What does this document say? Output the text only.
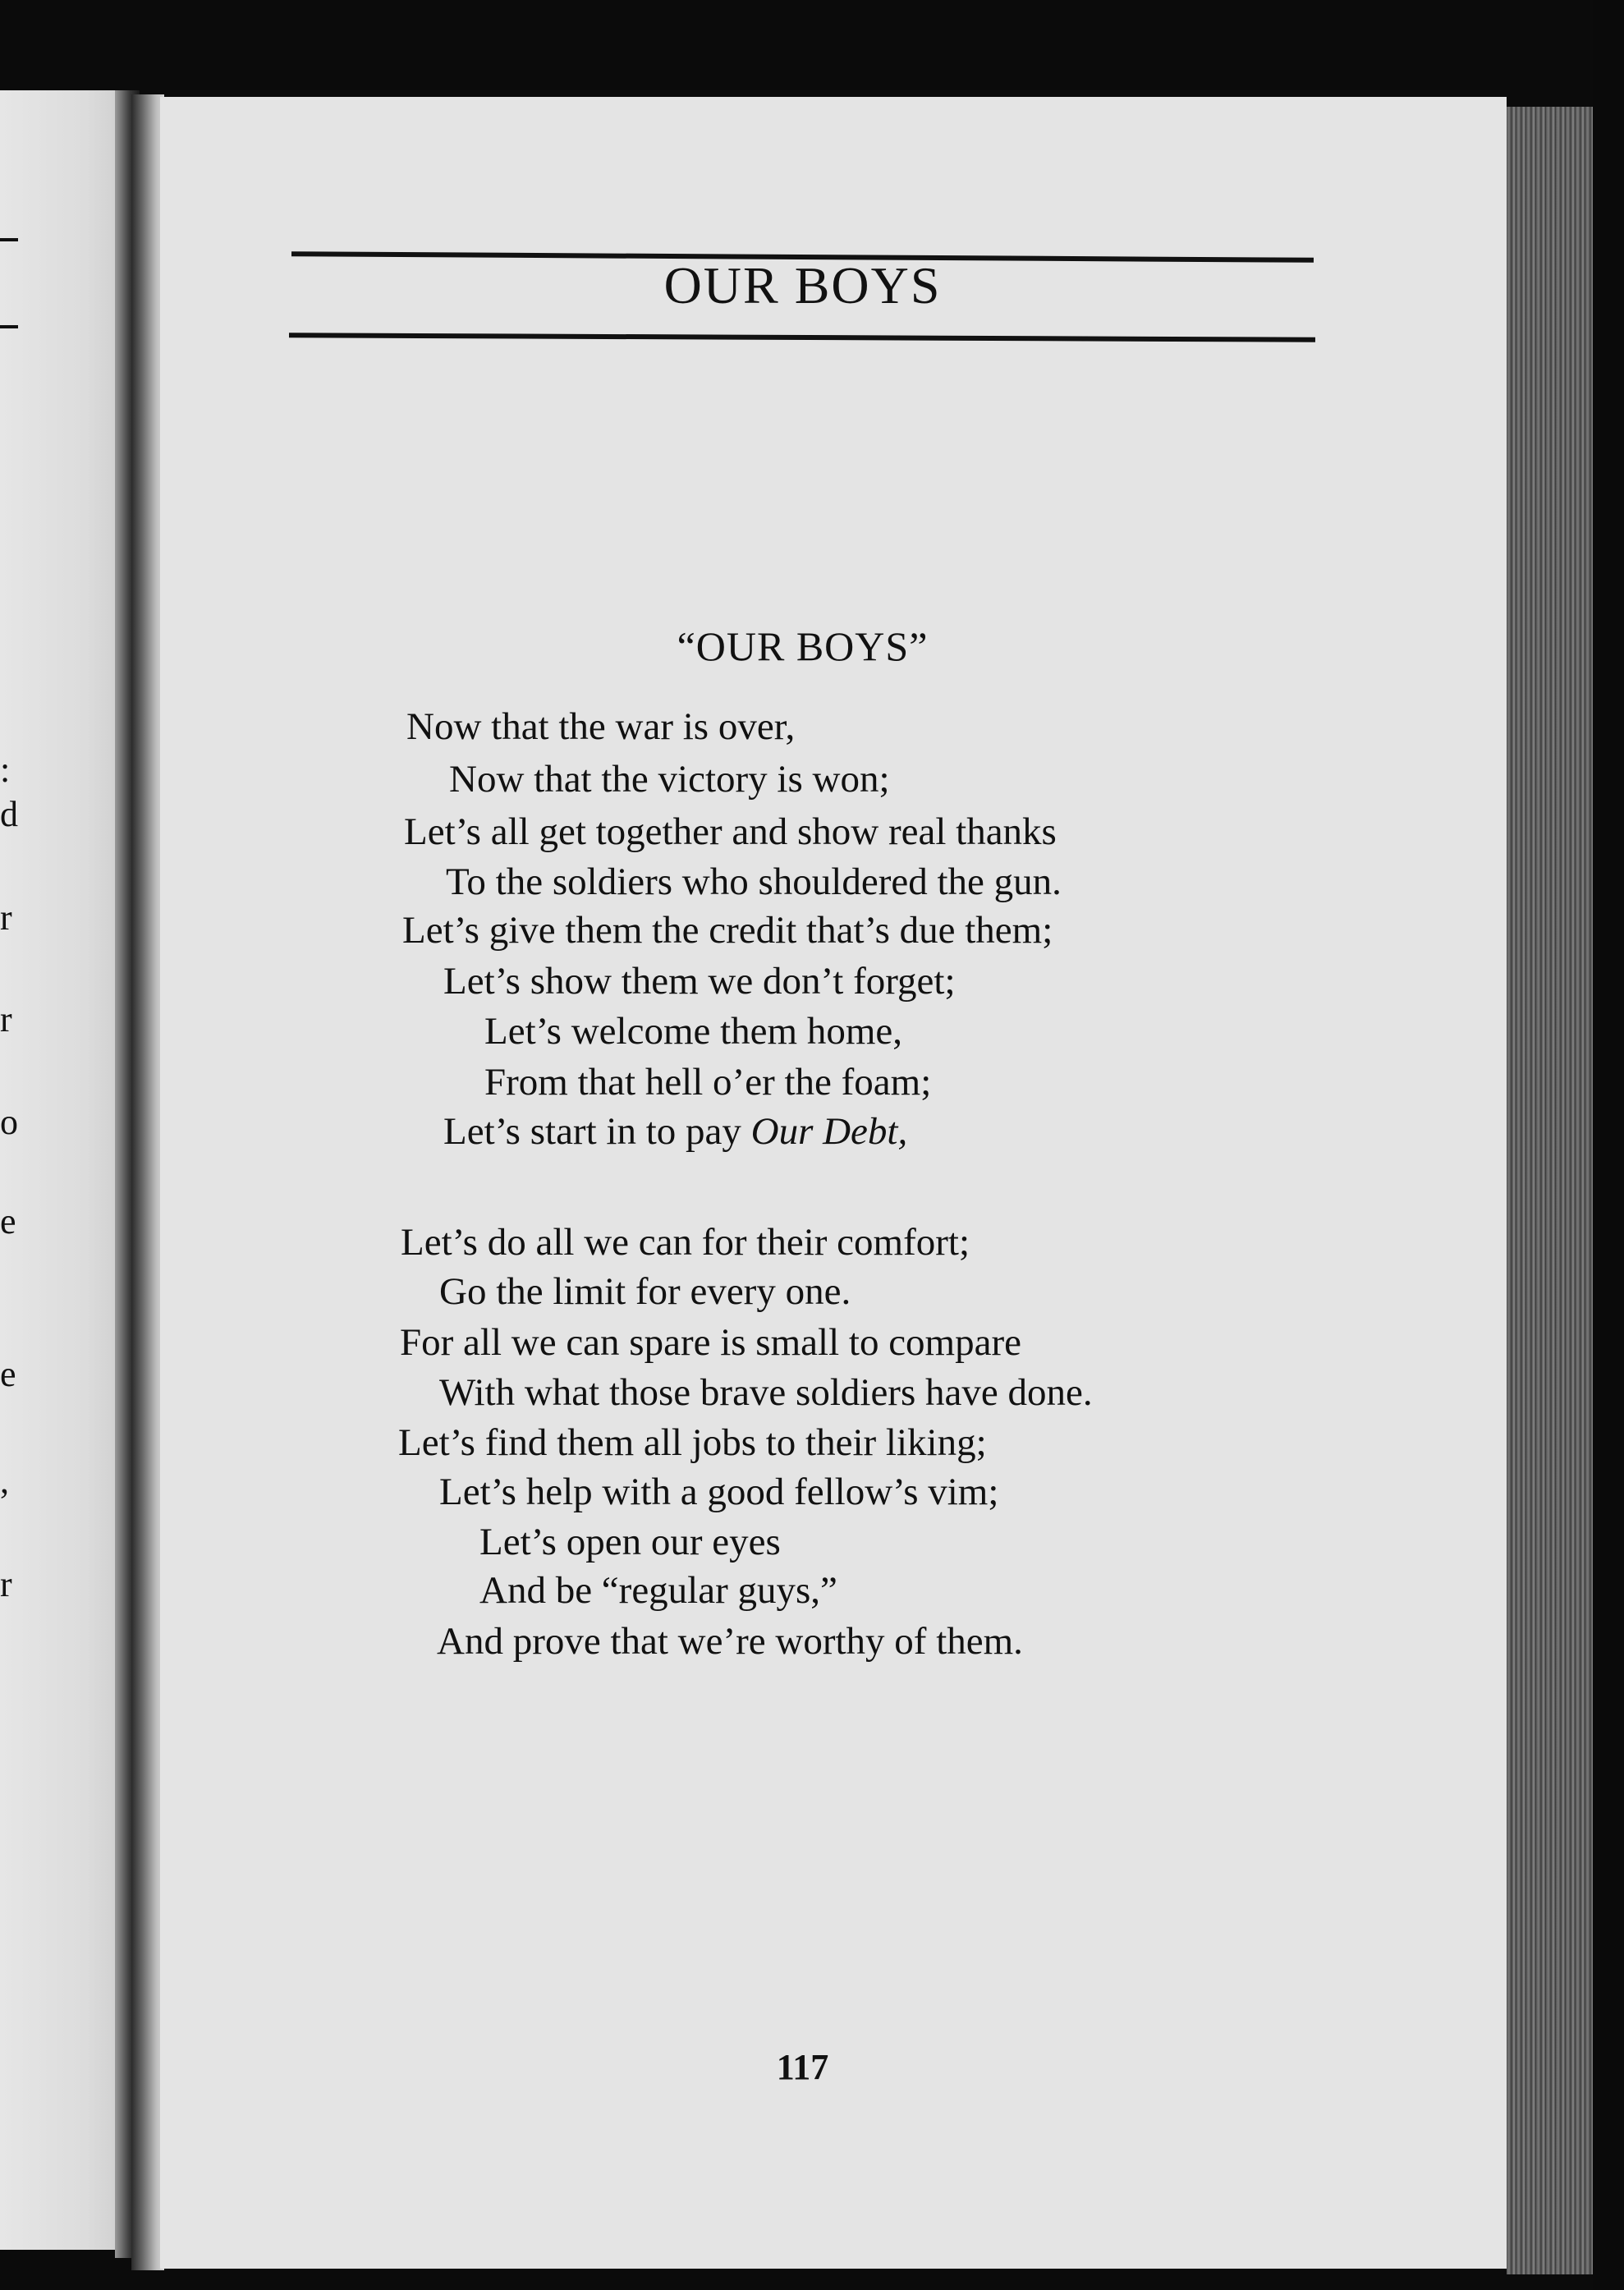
:
d
r
r
o
e
e
,
r
OUR BOYS
“OUR BOYS”
Now that the war is over,
Now that the victory is won;
Let’s all get together and show real thanks
To the soldiers who shouldered the gun.
Let’s give them the credit that’s due them;
Let’s show them we don’t forget;
Let’s welcome them home,
From that hell o’er the foam;
Let’s start in to pay Our Debt,
Let’s do all we can for their comfort;
Go the limit for every one.
For all we can spare is small to compare
With what those brave soldiers have done.
Let’s find them all jobs to their liking;
Let’s help with a good fellow’s vim;
Let’s open our eyes
And be “regular guys,”
And prove that we’re worthy of them.
117
